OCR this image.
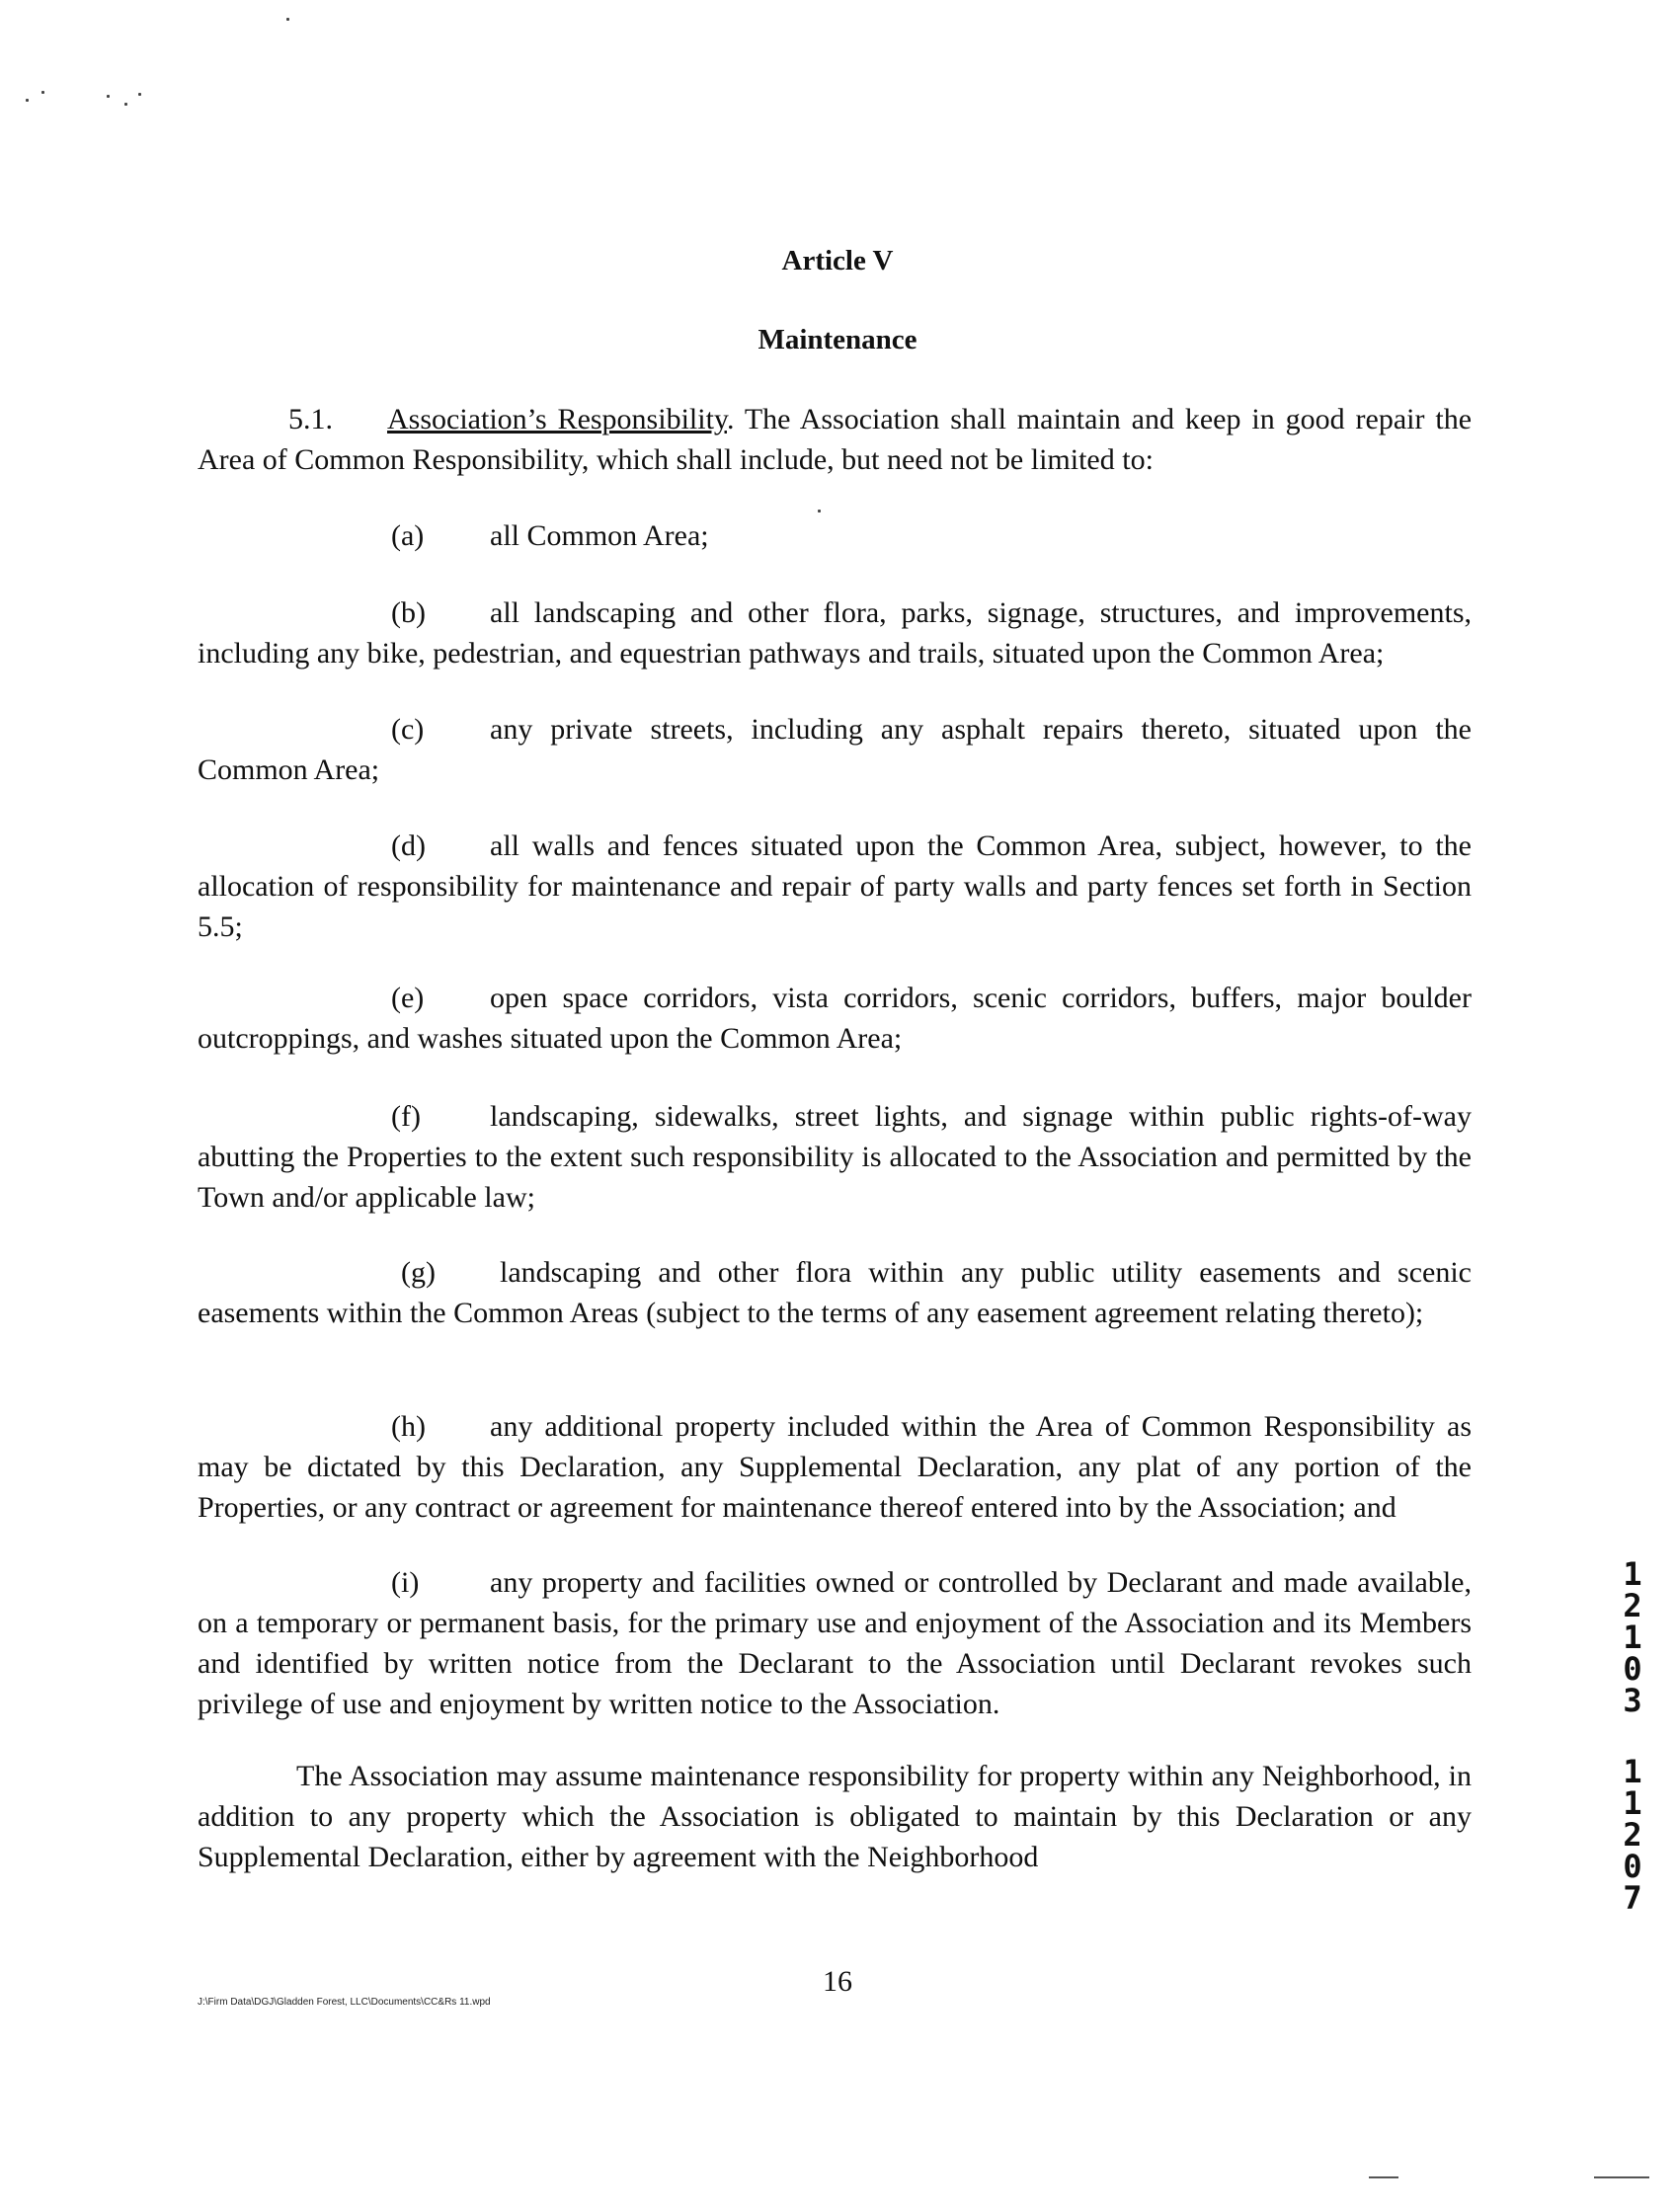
Article V
Maintenance
5.1. Association’s Responsibility. The Association shall maintain and keep in good repair the Area of Common Responsibility, which shall include, but need not be limited to:
(a) all Common Area;
(b) all landscaping and other flora, parks, signage, structures, and improvements, including any bike, pedestrian, and equestrian pathways and trails, situated upon the Common Area;
(c) any private streets, including any asphalt repairs thereto, situated upon the Common Area;
(d) all walls and fences situated upon the Common Area, subject, however, to the allocation of responsibility for maintenance and repair of party walls and party fences set forth in Section 5.5;
(e) open space corridors, vista corridors, scenic corridors, buffers, major boulder outcroppings, and washes situated upon the Common Area;
(f) landscaping, sidewalks, street lights, and signage within public rights-of-way abutting the Properties to the extent such responsibility is allocated to the Association and permitted by the Town and/or applicable law;
(g) landscaping and other flora within any public utility easements and scenic easements within the Common Areas (subject to the terms of any easement agreement relating thereto);
(h) any additional property included within the Area of Common Responsibility as may be dictated by this Declaration, any Supplemental Declaration, any plat of any portion of the Properties, or any contract or agreement for maintenance thereof entered into by the Association; and
(i) any property and facilities owned or controlled by Declarant and made available, on a temporary or permanent basis, for the primary use and enjoyment of the Association and its Members and identified by written notice from the Declarant to the Association until Declarant revokes such privilege of use and enjoyment by written notice to the Association.
The Association may assume maintenance responsibility for property within any Neighborhood, in addition to any property which the Association is obligated to maintain by this Declaration or any Supplemental Declaration, either by agreement with the Neighborhood
16
J:\Firm Data\DGJ\Gladden Forest, LLC\Documents\CC&Rs 11.wpd
1
2
1
0
3
1
1
2
0
7
